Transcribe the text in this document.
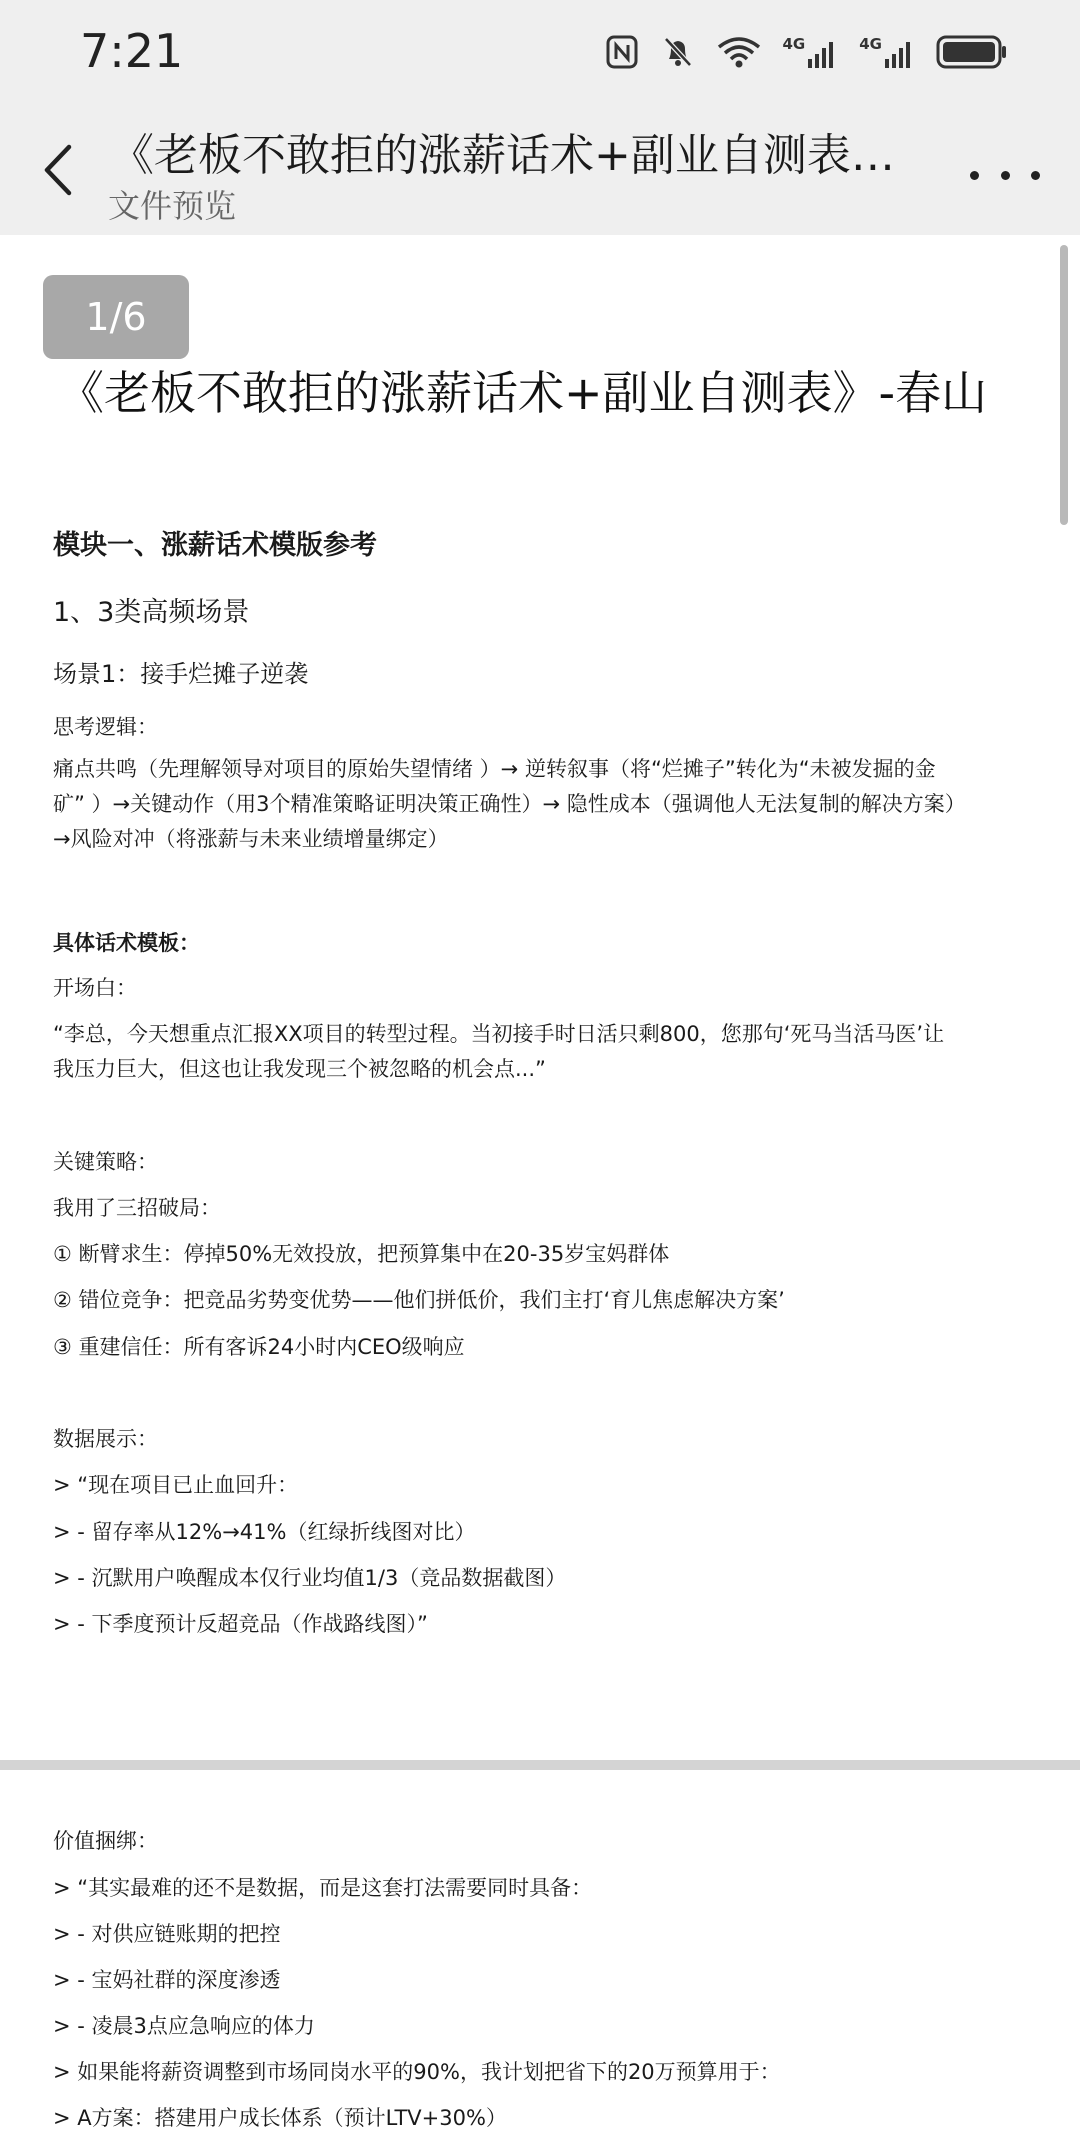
7:21	4G	4G
《老板不敢拒的涨薪话术+副业自测表…
文件预览
1/6
《老板不敢拒的涨薪话术+副业自测表》-春山
模块一、涨薪话术模版参考
1、3类高频场景
场景1：接手烂摊子逆袭
思考逻辑：
痛点共鸣（先理解领导对项目的原始失望情绪 ）→ 逆转叙事（将“烂摊子”转化为“未被发掘的金
矿” ）→关键动作（用3个精准策略证明决策正确性）→ 隐性成本（强调他人无法复制的解决方案）
→风险对冲（将涨薪与未来业绩增量绑定）
具体话术模板：
开场白：
“李总，今天想重点汇报XX项目的转型过程。当初接手时日活只剩800，您那句‘死马当活马医’让
我压力巨大，但这也让我发现三个被忽略的机会点...”
关键策略：
我用了三招破局：
① 断臂求生：停掉50%无效投放，把预算集中在20-35岁宝妈群体
② 错位竞争：把竞品劣势变优势——他们拼低价，我们主打‘育儿焦虑解决方案’
③ 重建信任：所有客诉24小时内CEO级响应
数据展示：
> “现在项目已止血回升：
> - 留存率从12%→41%（红绿折线图对比）
> - 沉默用户唤醒成本仅行业均值1/3（竞品数据截图）
> - 下季度预计反超竞品（作战路线图）”
价值捆绑：
> “其实最难的还不是数据，而是这套打法需要同时具备：
> - 对供应链账期的把控
> - 宝妈社群的深度渗透
> - 凌晨3点应急响应的体力
> 如果能将薪资调整到市场同岗水平的90%，我计划把省下的20万预算用于：
> A方案：搭建用户成长体系（预计LTV+30%）
